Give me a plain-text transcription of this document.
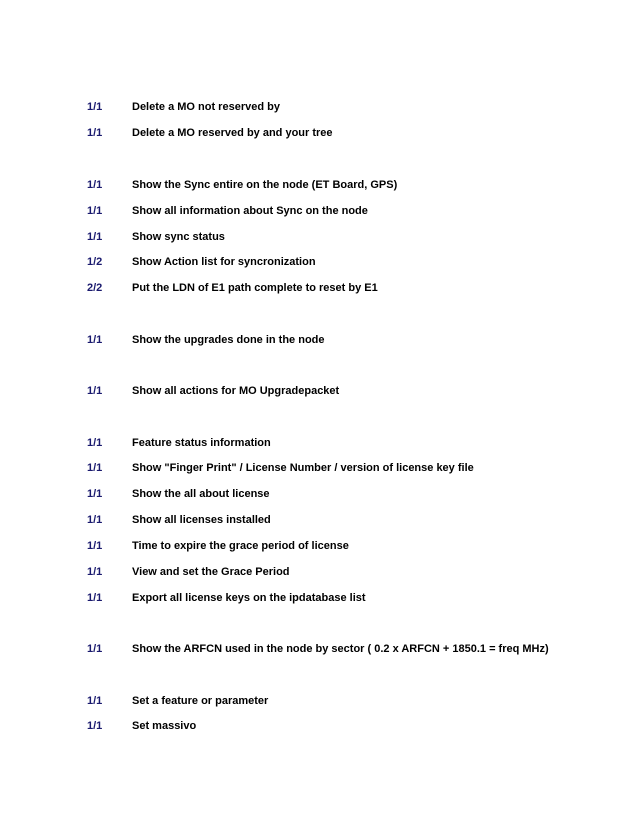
1/1	Delete a MO not reserved by
1/1	Delete a MO reserved by and your tree
1/1	Show the Sync entire on the node (ET Board, GPS)
1/1	Show all information about Sync on the node
1/1	Show sync status
1/2	Show Action list for syncronization
2/2	Put the LDN of E1 path complete to reset by E1
1/1	Show the upgrades done in the node
1/1	Show all actions for MO Upgradepacket
1/1	Feature status information
1/1	Show "Finger Print" / License Number / version of license key file
1/1	Show the all about license
1/1	Show all licenses installed
1/1	Time to expire the grace period of license
1/1	View and set the Grace Period
1/1	Export all license keys on the ipdatabase list
1/1	Show the ARFCN used in the node by sector ( 0.2 x ARFCN + 1850.1 = freq MHz)
1/1	Set a feature or parameter
1/1	Set massivo
